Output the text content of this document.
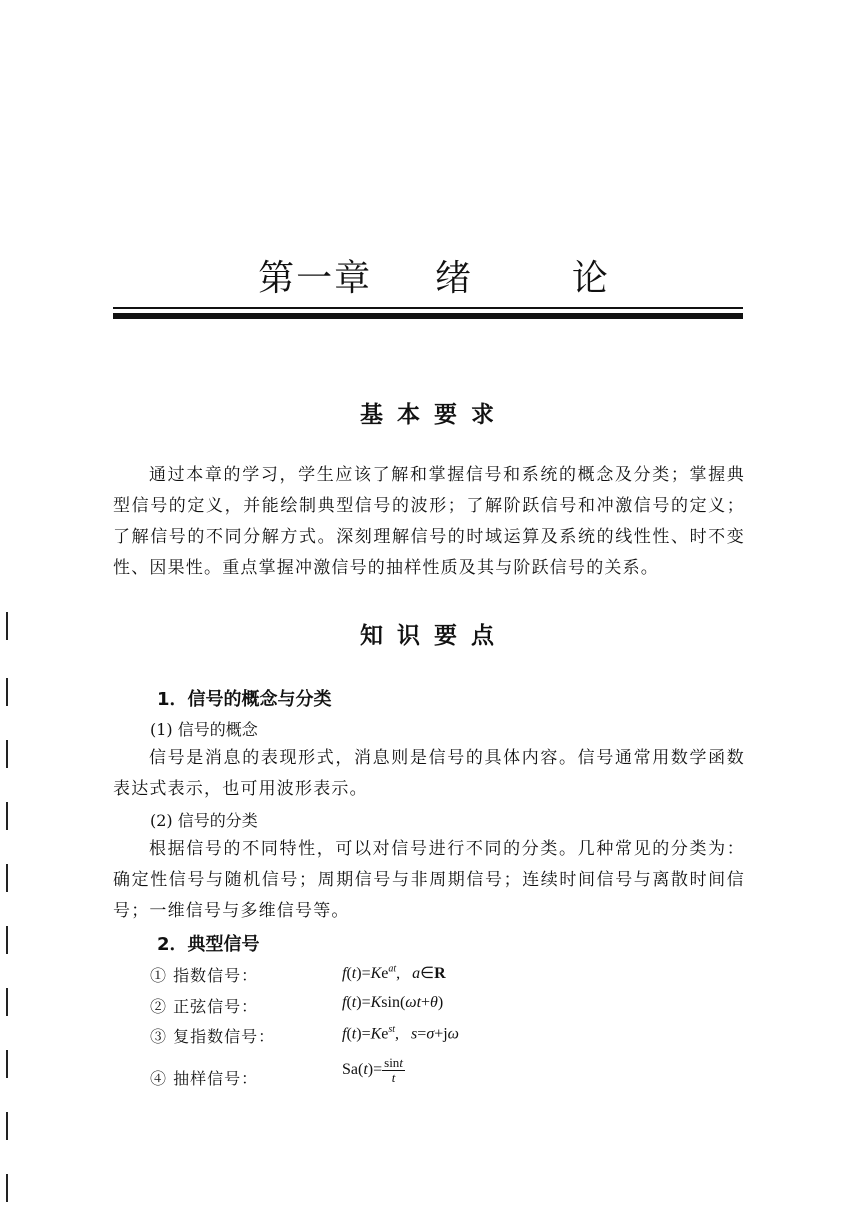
第一章 绪	论
基本要求
通过本章的学习，学生应该了解和掌握信号和系统的概念及分类；掌握典型信号的定义，并能绘制典型信号的波形；了解阶跃信号和冲激信号的定义；了解信号的不同分解方式。深刻理解信号的时域运算及系统的线性性、时不变性、因果性。重点掌握冲激信号的抽样性质及其与阶跃信号的关系。
知识要点
1．信号的概念与分类
(1) 信号的概念
信号是消息的表现形式，消息则是信号的具体内容。信号通常用数学函数表达式表示，也可用波形表示。
(2) 信号的分类
根据信号的不同特性，可以对信号进行不同的分类。几种常见的分类为：确定性信号与随机信号；周期信号与非周期信号；连续时间信号与离散时间信号；一维信号与多维信号等。
2．典型信号
① 指数信号：	$f(t)=Ke^{at}$,   a∈R
② 正弦信号：	f(t)=Ksin(ωt+θ)
③ 复指数信号：	$f(t)=Ke^{st}$,   s=σ+jω
④ 抽样信号：	$Sa(t)= \frac{\sin t}{t}$
